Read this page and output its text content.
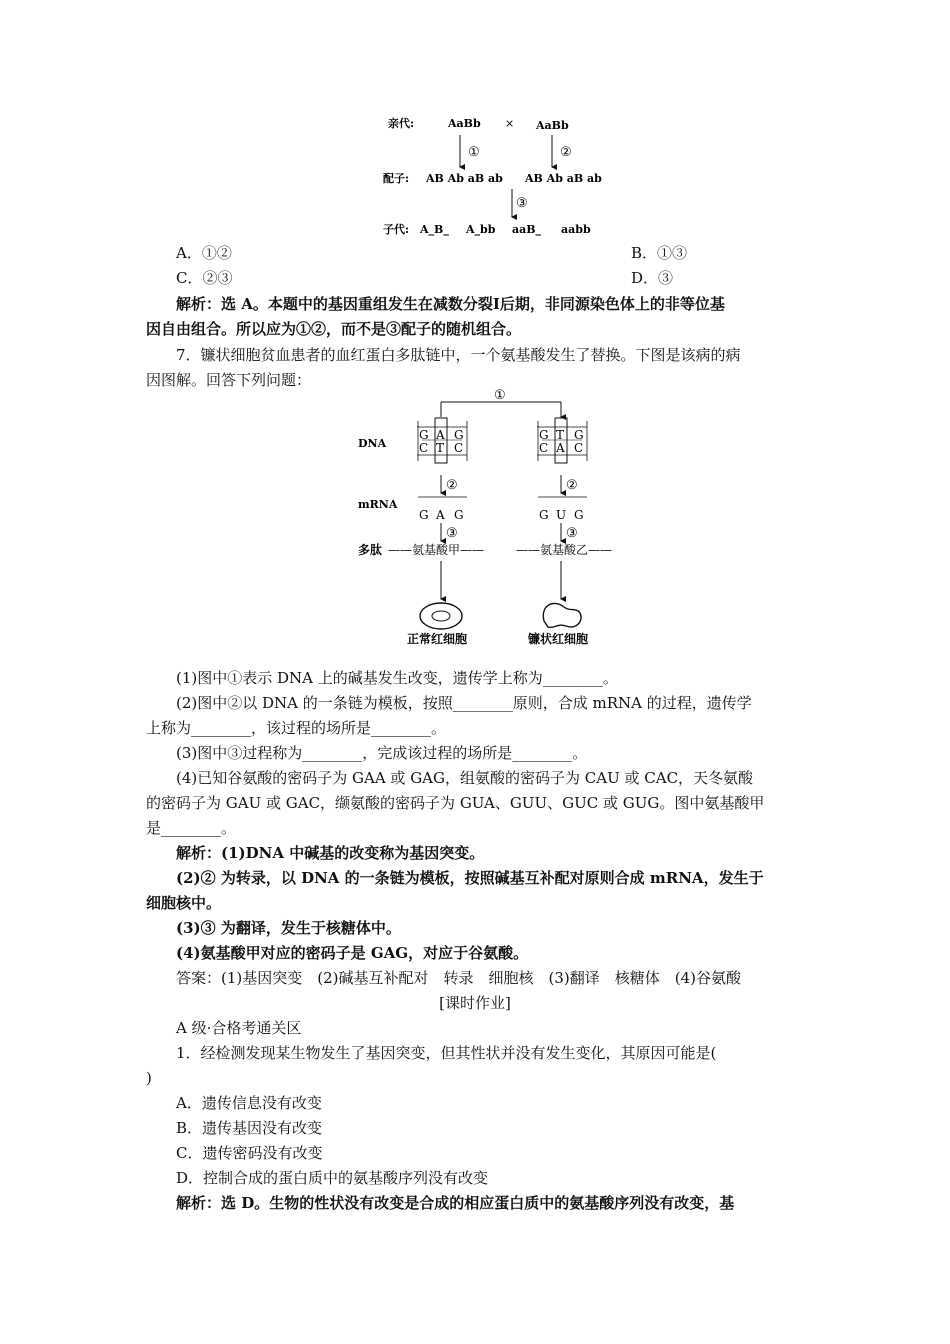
亲代:	AaBb × AaBb
①	②
配子: AB Ab aB ab AB Ab aB ab
③
子代: A_B_ A_bb aaB_ aabb
A．①②	B．①③
C．②③	D．③
解析：选 A。本题中的基因重组发生在减数分裂Ⅰ后期，非同源染色体上的非等位基
因自由组合。所以应为①②，而不是③配子的随机组合。
7．镰状细胞贫血患者的血红蛋白多肽链中，一个氨基酸发生了替换。下图是该病的病
因图解。回答下列问题：
①
DNA
G A G
C T C
G T G
C A C
②	②
mRNA
G A G	G U G
③	③
多肽 ——氨基酸甲——	——氨基酸乙——
正常红细胞	镰状红细胞
(1)图中①表示 DNA 上的碱基发生改变，遗传学上称为________。
(2)图中②以 DNA 的一条链为模板，按照________原则，合成 mRNA 的过程，遗传学
上称为________，该过程的场所是________。
(3)图中③过程称为________，完成该过程的场所是________。
(4)已知谷氨酸的密码子为 GAA 或 GAG，组氨酸的密码子为 CAU 或 CAC，天冬氨酸
的密码子为 GAU 或 GAC，缬氨酸的密码子为 GUA、GUU、GUC 或 GUG。图中氨基酸甲
是________。
解析：(1)DNA 中碱基的改变称为基因突变。
(2)② 为转录，以 DNA 的一条链为模板，按照碱基互补配对原则合成 mRNA，发生于
细胞核中。
(3)③ 为翻译，发生于核糖体中。
(4)氨基酸甲对应的密码子是 GAG，对应于谷氨酸。
答案：(1)基因突变　(2)碱基互补配对　转录　细胞核　(3)翻译　核糖体　(4)谷氨酸
[课时作业]
A 级·合格考通关区
1．经检测发现某生物发生了基因突变，但其性状并没有发生变化，其原因可能是(
)
A．遗传信息没有改变
B．遗传基因没有改变
C．遗传密码没有改变
D．控制合成的蛋白质中的氨基酸序列没有改变
解析：选 D。生物的性状没有改变是合成的相应蛋白质中的氨基酸序列没有改变，基
